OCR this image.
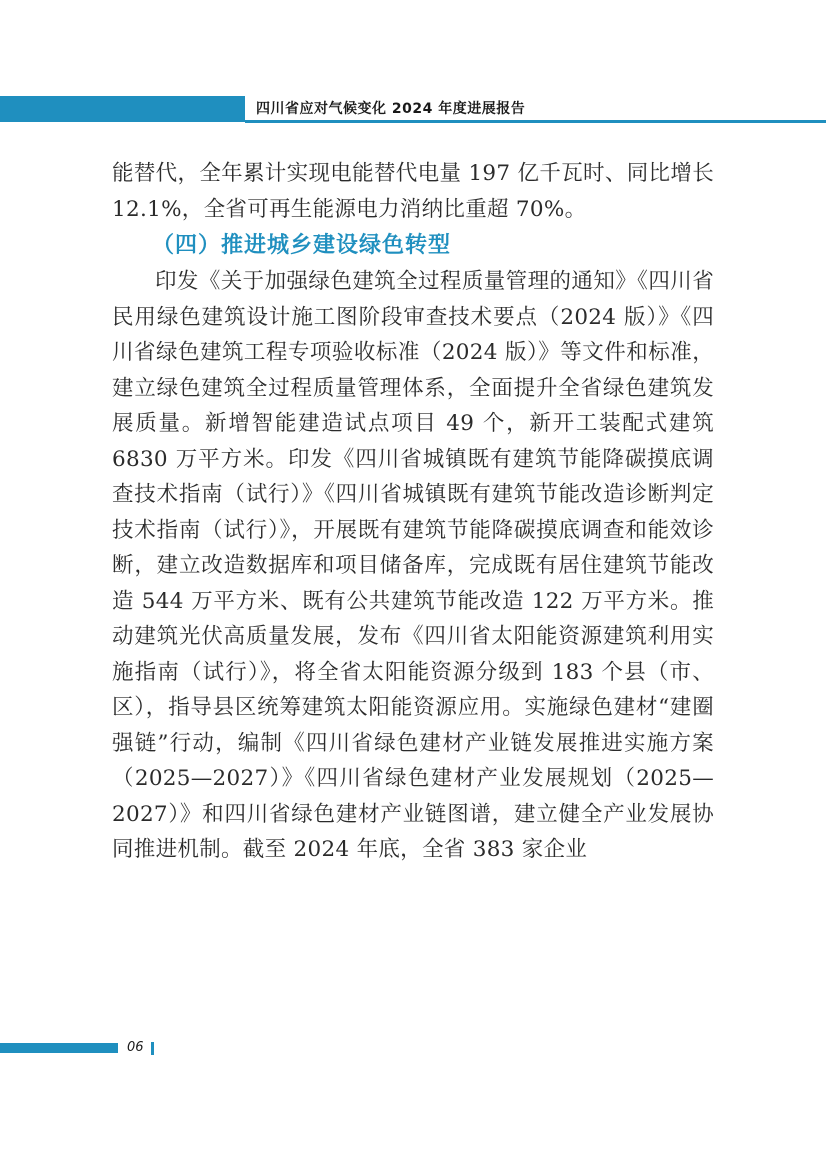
四川省应对气候变化 2024 年度进展报告

能替代，全年累计实现电能替代电量 197 亿千瓦时、同比增长 12.1%，全省可再生能源电力消纳比重超 70%。

（四）推进城乡建设绿色转型

印发《关于加强绿色建筑全过程质量管理的通知》《四川省民用绿色建筑设计施工图阶段审查技术要点（2024 版）》《四川省绿色建筑工程专项验收标准（2024 版）》等文件和标准，建立绿色建筑全过程质量管理体系，全面提升全省绿色建筑发展质量。新增智能建造试点项目 49 个，新开工装配式建筑 6830 万平方米。印发《四川省城镇既有建筑节能降碳摸底调查技术指南（试行）》《四川省城镇既有建筑节能改造诊断判定技术指南（试行）》，开展既有建筑节能降碳摸底调查和能效诊断，建立改造数据库和项目储备库，完成既有居住建筑节能改造 544 万平方米、既有公共建筑节能改造 122 万平方米。推动建筑光伏高质量发展，发布《四川省太阳能资源建筑利用实施指南（试行）》，将全省太阳能资源分级到 183 个县（市、区），指导县区统筹建筑太阳能资源应用。实施绿色建材“建圈强链”行动，编制《四川省绿色建材产业链发展推进实施方案（2025—2027）》《四川省绿色建材产业发展规划（2025—2027）》和四川省绿色建材产业链图谱，建立健全产业发展协同推进机制。截至 2024 年底，全省 383 家企业

06
